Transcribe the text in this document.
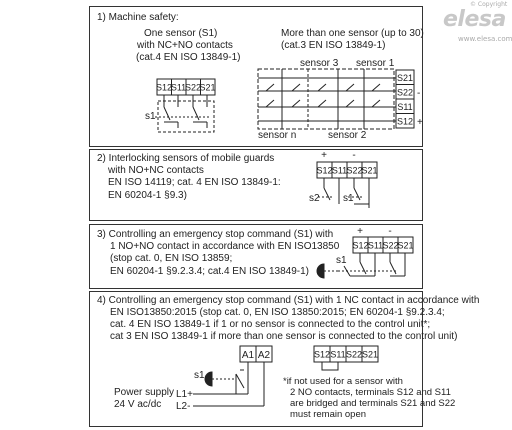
© Copyright
elesa
www.elesa.com
1) Machine safety:
One sensor (S1)
with NC+NO contacts
(cat.4 EN ISO 13849-1)
More than one sensor (up to 30)
(cat.3 EN ISO 13849-1)
2) Interlocking sensors of mobile guards
with NO+NC contacts
EN ISO 14119; cat. 4 EN ISO 13849-1:
EN 60204-1 §9.3)
3) Controlling an emergency stop command (S1) with
1 NO+NO contact in accordance with EN ISO13850
(stop cat. 0, EN ISO 13859;
EN 60204-1 §9.2.3.4; cat.4 EN ISO 13849-1)
4) Controlling an emergency stop command (S1) with 1 NC contact in accordance with
EN ISO13850:2015 (stop cat. 0, EN ISO 13850:2015; EN 60204-1 §9.2.3.4;
cat. 4 EN ISO 13849-1 if 1 or no sensor is connected to the control unit*;
cat 3 EN ISO 13849-1 if more than one sensor is connected to the control unit)
Power supply
24 V ac/dc
*if not used for a sensor with
2 NO contacts, terminals S12 and S11
are bridged and terminals S21 and S22
must remain open
S12
S11
S22
S21
s1
sensor 3 sensor 1
sensor n	sensor 2
S21
S22
S11
S12
-
+
S12 S11 S22
S21
+	-
s2 s1
S12 S11 S22
S21
+	-
s1
A1 A2	S12 S11 S22 S21
s1
L1+
L2-
